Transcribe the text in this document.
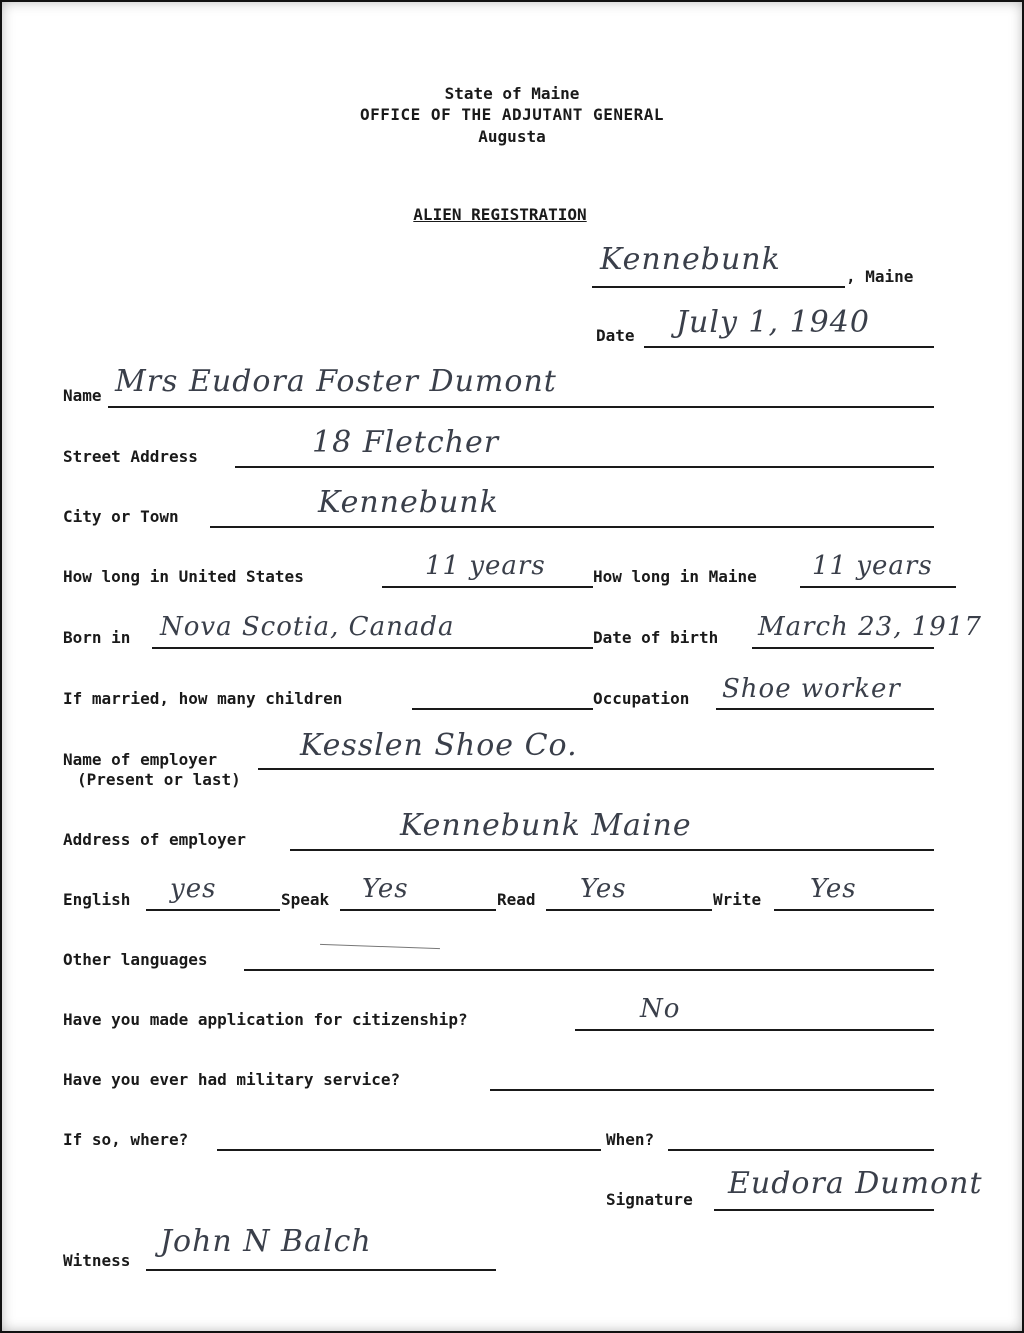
State of Maine
OFFICE OF THE ADJUTANT GENERAL
Augusta
ALIEN REGISTRATION
Kennebunk	, Maine
Date July 1, 1940
Name Mrs Eudora Foster Dumont
Street Address	18 Fletcher
City or Town	Kennebunk
How long in United States	11 years	How long in Maine 11 years
Born in Nova Scotia, Canada	Date of birth March 23, 1917
If married, how many children	Occupation Shoe worker
Name of employer
(Present or last)
Kesslen Shoe Co.
Address of employer	Kennebunk Maine
English yes	Speak Yes	Read Yes	Write Yes
Other languages
Have you made application for citizenship?	No
Have you ever had military service?
If so, where?	When?
Signature Eudora Dumont
Witness
John N Balch
